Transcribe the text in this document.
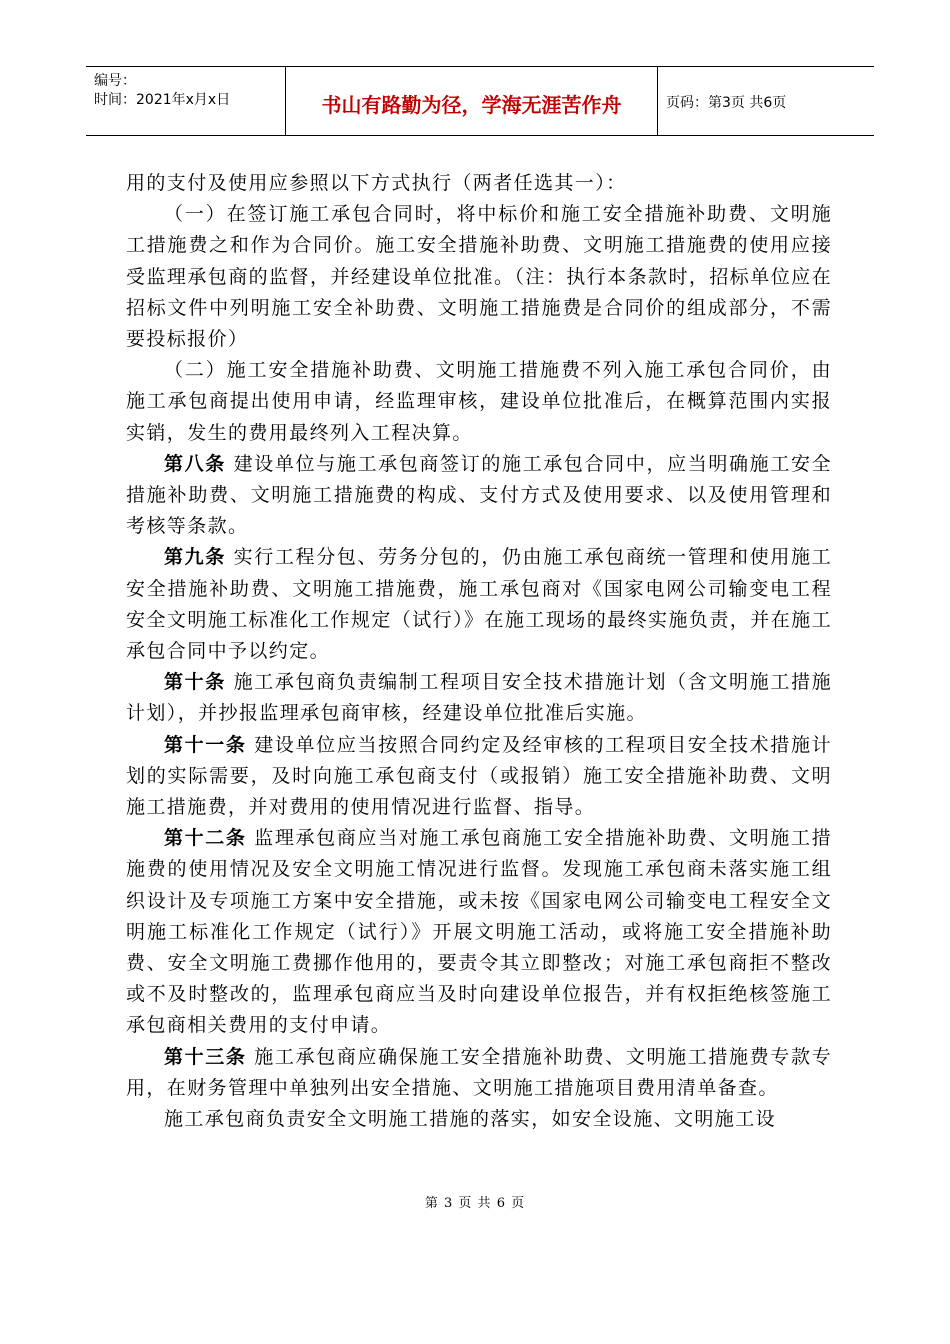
编号：
时间：2021年x月x日	书山有路勤为径，学海无涯苦作舟	页码：第3页 共6页

用的支付及使用应参照以下方式执行（两者任选其一）：

（一）在签订施工承包合同时，将中标价和施工安全措施补助费、文明施工措施费之和作为合同价。施工安全措施补助费、文明施工措施费的使用应接受监理承包商的监督，并经建设单位批准。（注：执行本条款时，招标单位应在招标文件中列明施工安全补助费、文明施工措施费是合同价的组成部分，不需要投标报价）

（二）施工安全措施补助费、文明施工措施费不列入施工承包合同价，由施工承包商提出使用申请，经监理审核，建设单位批准后，在概算范围内实报实销，发生的费用最终列入工程决算。

第八条 建设单位与施工承包商签订的施工承包合同中，应当明确施工安全措施补助费、文明施工措施费的构成、支付方式及使用要求、以及使用管理和考核等条款。

第九条 实行工程分包、劳务分包的，仍由施工承包商统一管理和使用施工安全措施补助费、文明施工措施费，施工承包商对《国家电网公司输变电工程安全文明施工标准化工作规定（试行）》在施工现场的最终实施负责，并在施工承包合同中予以约定。

第十条 施工承包商负责编制工程项目安全技术措施计划（含文明施工措施计划），并抄报监理承包商审核，经建设单位批准后实施。

第十一条 建设单位应当按照合同约定及经审核的工程项目安全技术措施计划的实际需要，及时向施工承包商支付（或报销）施工安全措施补助费、文明施工措施费，并对费用的使用情况进行监督、指导。

第十二条 监理承包商应当对施工承包商施工安全措施补助费、文明施工措施费的使用情况及安全文明施工情况进行监督。发现施工承包商未落实施工组织设计及专项施工方案中安全措施，或未按《国家电网公司输变电工程安全文明施工标准化工作规定（试行）》开展文明施工活动，或将施工安全措施补助费、安全文明施工费挪作他用的，要责令其立即整改；对施工承包商拒不整改或不及时整改的，监理承包商应当及时向建设单位报告，并有权拒绝核签施工承包商相关费用的支付申请。

第十三条 施工承包商应确保施工安全措施补助费、文明施工措施费专款专用，在财务管理中单独列出安全措施、文明施工措施项目费用清单备查。

施工承包商负责安全文明施工措施的落实，如安全设施、文明施工设

第 3 页 共 6 页
